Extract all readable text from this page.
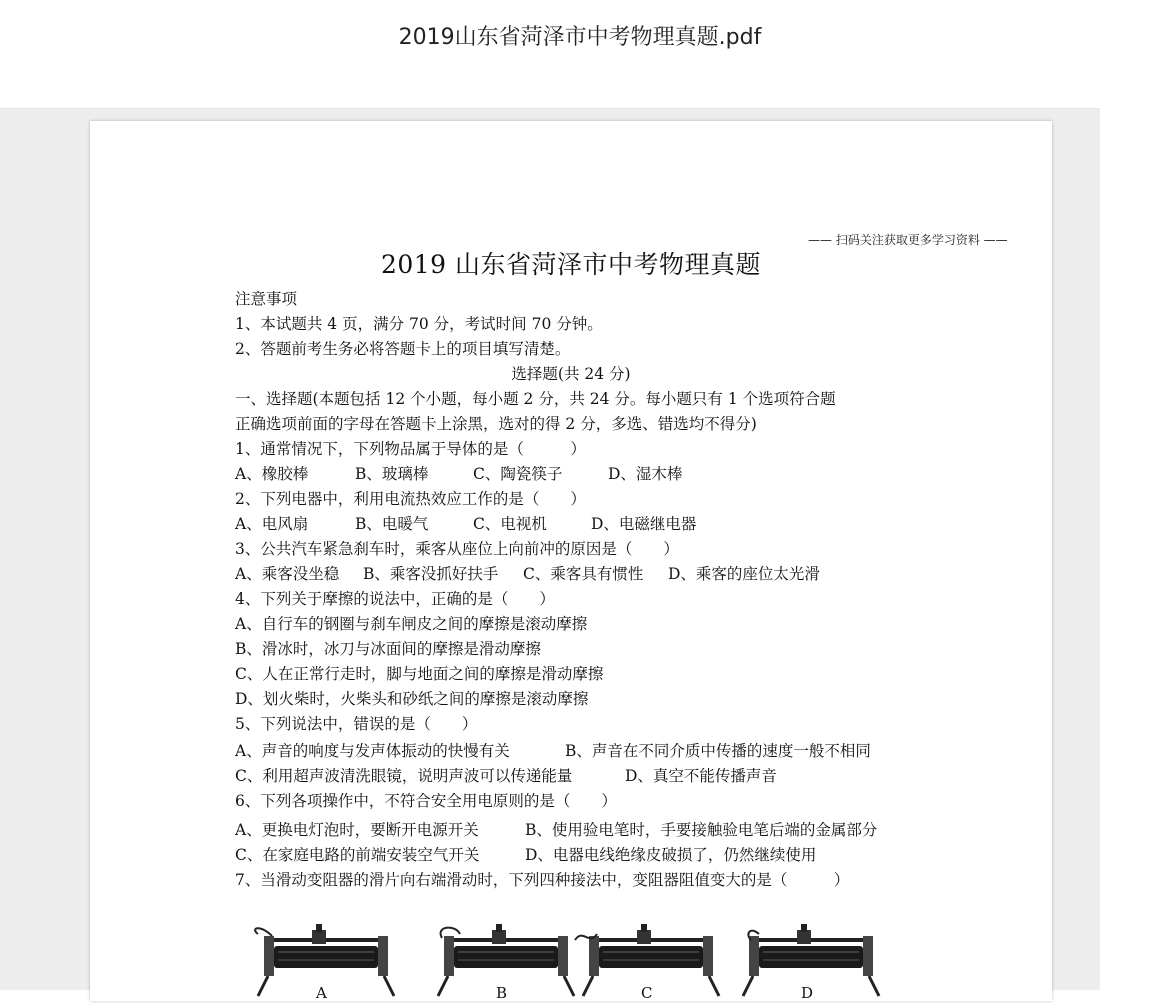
2019山东省菏泽市中考物理真题.pdf
—— 扫码关注获取更多学习资料 ——
2019 山东省菏泽市中考物理真题
注意事项
1、本试题共 4 页，满分 70 分，考试时间 70 分钟。
2、答题前考生务必将答题卡上的项目填写清楚。
选择题(共 24 分)
一、选择题(本题包括 12 个小题，每小题 2 分，共 24 分。每小题只有 1 个选项符合题
正确选项前面的字母在答题卡上涂黑，选对的得 2 分，多选、错选均不得分)
1、通常情况下，下列物品属于导体的是（　　　）
A、橡胶棒	B、玻璃棒	C、陶瓷筷子	D、湿木棒
2、下列电器中，利用电流热效应工作的是（　　）
A、电风扇	B、电暖气	C、电视机	D、电磁继电器
3、公共汽车紧急刹车时，乘客从座位上向前冲的原因是（　　）
A、乘客没坐稳 B、乘客没抓好扶手 C、乘客具有惯性 D、乘客的座位太光滑
4、下列关于摩擦的说法中，正确的是（　　）
A、自行车的钢圈与刹车闸皮之间的摩擦是滚动摩擦
B、滑冰时，冰刀与冰面间的摩擦是滑动摩擦
C、人在正常行走时，脚与地面之间的摩擦是滑动摩擦
D、划火柴时，火柴头和砂纸之间的摩擦是滚动摩擦
5、下列说法中，错误的是（　　）
A、声音的响度与发声体振动的快慢有关	B、声音在不同介质中传播的速度一般不相同
C、利用超声波清洗眼镜，说明声波可以传递能量	D、真空不能传播声音
6、下列各项操作中，不符合安全用电原则的是（　　）
A、更换电灯泡时，要断开电源开关	B、使用验电笔时，手要接触验电笔后端的金属部分
C、在家庭电路的前端安装空气开关	D、电器电线绝缘皮破损了，仍然继续使用
7、当滑动变阻器的滑片向右端滑动时，下列四种接法中，变阻器阻值变大的是（　　　）
A	B	C	D
